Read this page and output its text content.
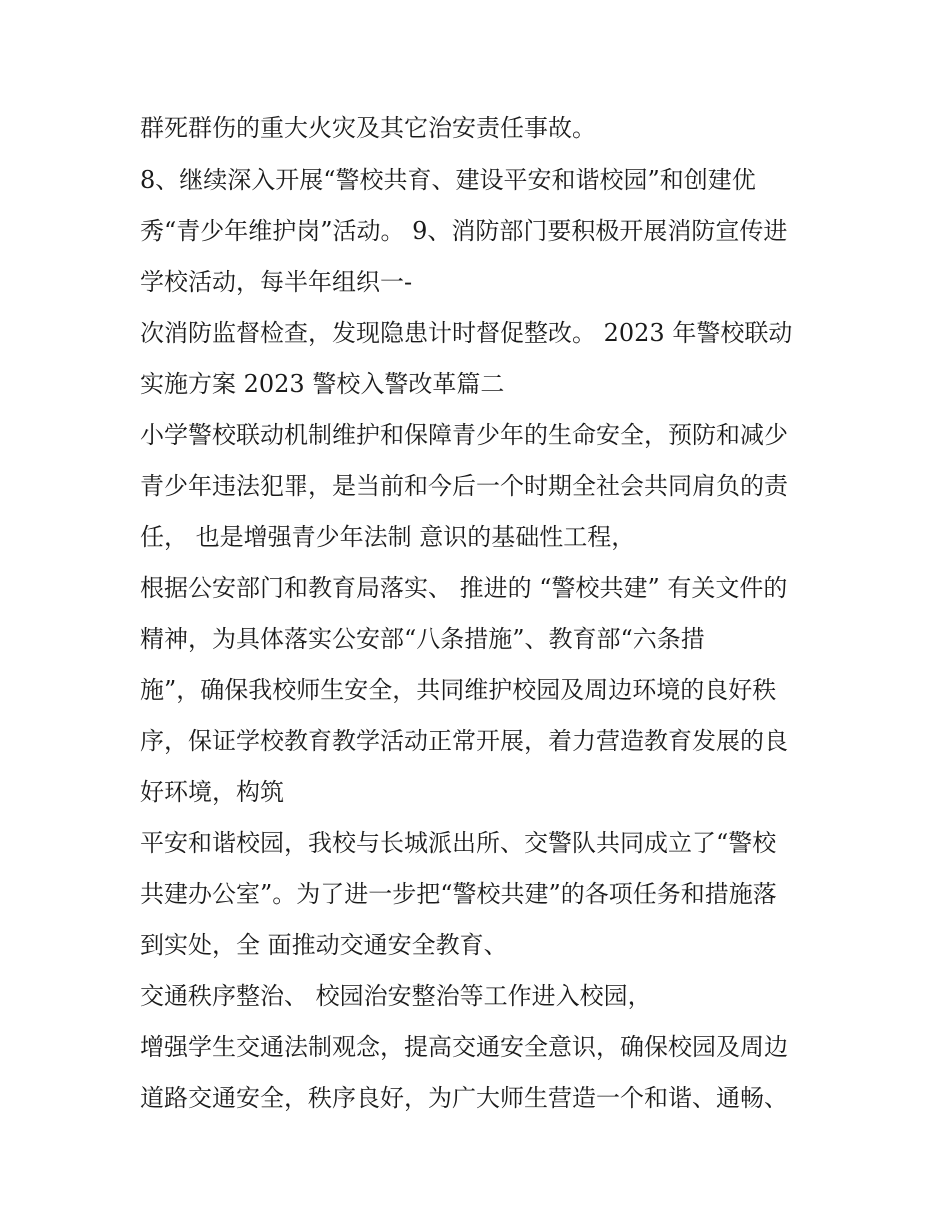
群死群伤的重大火灾及其它治安责任事故。

8、继续深入开展“警校共育、建设平安和谐校园”和创建优

秀“青少年维护岗”活动。 9、消防部门要积极开展消防宣传进

学校活动，每半年组织一-

次消防监督检查，发现隐患计时督促整改。 2023 年警校联动

实施方案 2023 警校入警改革篇二

小学警校联动机制维护和保障青少年的生命安全，预防和减少

青少年违法犯罪，是当前和今后一个时期全社会共同肩负的责

任， 也是增强青少年法制 意识的基础性工程，

根据公安部门和教育局落实、 推进的 “警校共建” 有关文件的

精神，为具体落实公安部“八条措施”、教育部“六条措

施”，确保我校师生安全，共同维护校园及周边环境的良好秩

序，保证学校教育教学活动正常开展，着力营造教育发展的良

好环境，构筑

平安和谐校园，我校与长城派出所、交警队共同成立了“警校

共建办公室”。为了进一步把“警校共建”的各项任务和措施落

到实处，全 面推动交通安全教育、

交通秩序整治、 校园治安整治等工作进入校园，

增强学生交通法制观念，提高交通安全意识，确保校园及周边

道路交通安全，秩序良好，为广大师生营造一个和谐、通畅、
